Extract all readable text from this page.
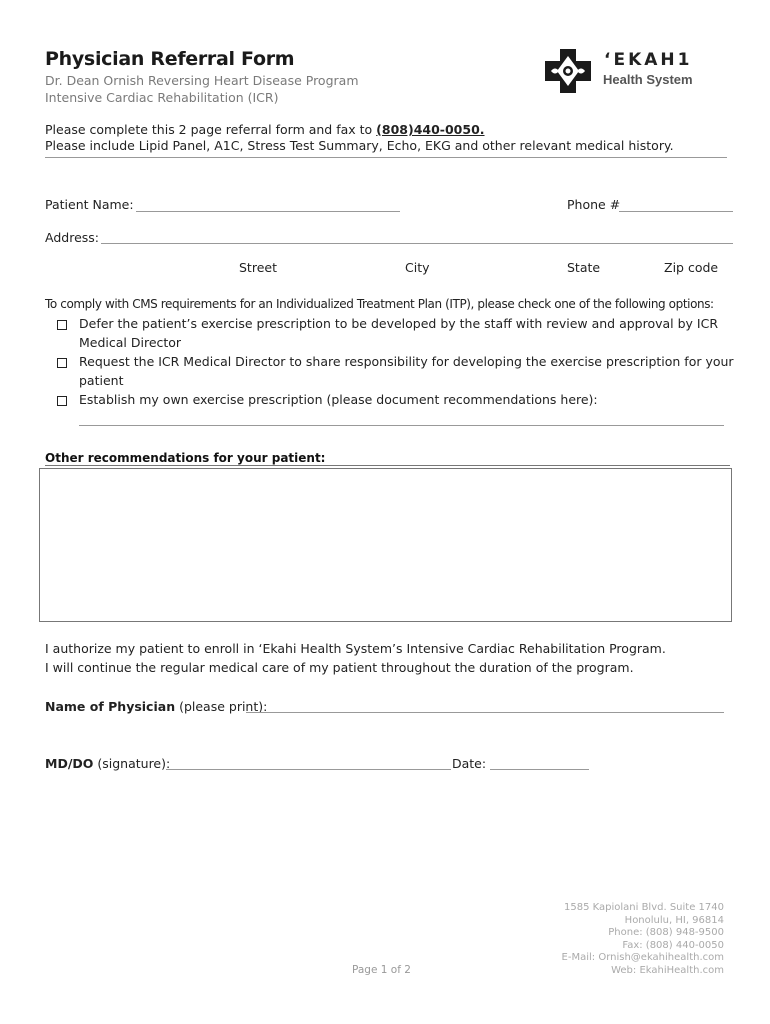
Physician Referral Form
Dr. Dean Ornish Reversing Heart Disease Program
Intensive Cardiac Rehabilitation (ICR)
‘EKAH1
Health System
Please complete this 2 page referral form and fax to (808)440-0050.
Please include Lipid Panel, A1C, Stress Test Summary, Echo, EKG and other relevant medical history.
Patient Name:	Phone #
Address:
Street	City	State	Zip code
To comply with CMS requirements for an Individualized Treatment Plan (ITP), please check one of the following options:
Defer the patient’s exercise prescription to be developed by the staff with review and approval by ICR
Medical Director
Request the ICR Medical Director to share responsibility for developing the exercise prescription for your
patient
Establish my own exercise prescription (please document recommendations here):
Other recommendations for your patient:
I authorize my patient to enroll in ‘Ekahi Health System’s Intensive Cardiac Rehabilitation Program.
I will continue the regular medical care of my patient throughout the duration of the program.
Name of Physician (please print):
MD/DO (signature):	Date:
1585 Kapiolani Blvd. Suite 1740
Honolulu, HI, 96814
Phone: (808) 948-9500
Fax: (808) 440-0050
E-Mail: Ornish@ekahihealth.com
Web: EkahiHealth.com
Page 1 of 2
